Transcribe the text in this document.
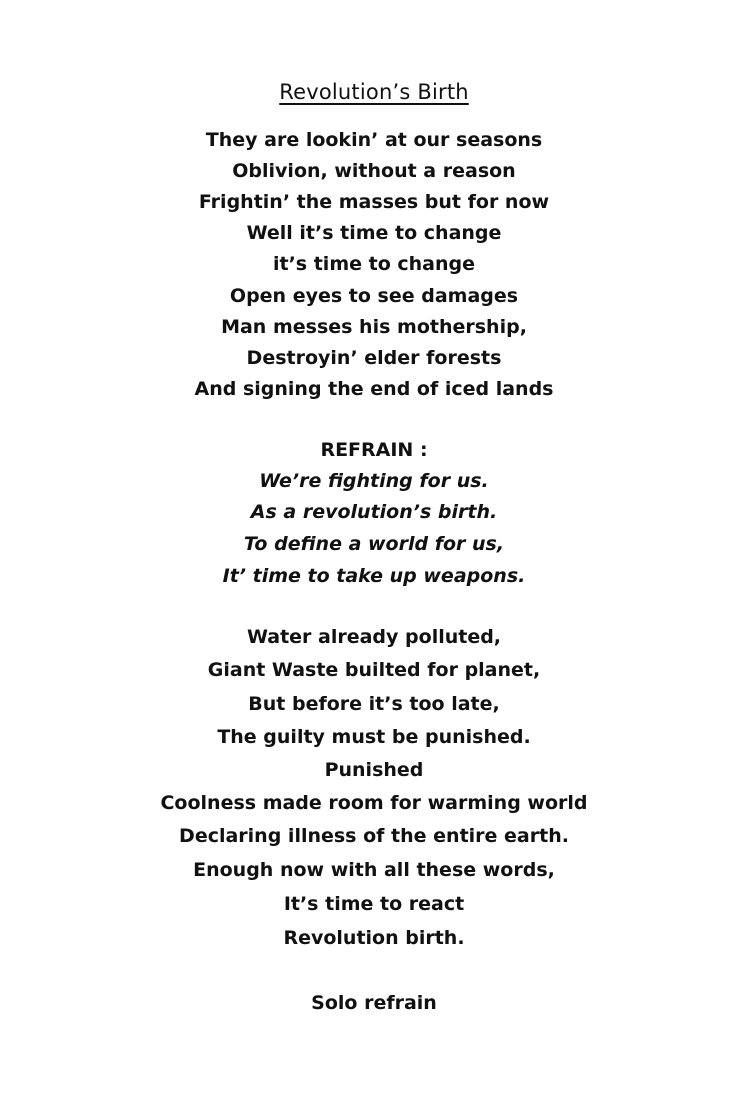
Revolution’s Birth
They are lookin’ at our seasons
Oblivion, without a reason
Frightin’ the masses but for now
Well it’s time to change
it’s time to change
Open eyes to see damages
Man messes his mothership,
Destroyin’ elder forests
And signing the end of iced lands
REFRAIN :
We’re fighting for us.
As a revolution’s birth.
To define a world for us,
It’ time to take up weapons.
Water already polluted,
Giant Waste builted for planet,
But before it’s too late,
The guilty must be punished.
Punished
Coolness made room for warming world
Declaring illness of the entire earth.
Enough now with all these words,
It’s time to react
Revolution birth.
Solo refrain
